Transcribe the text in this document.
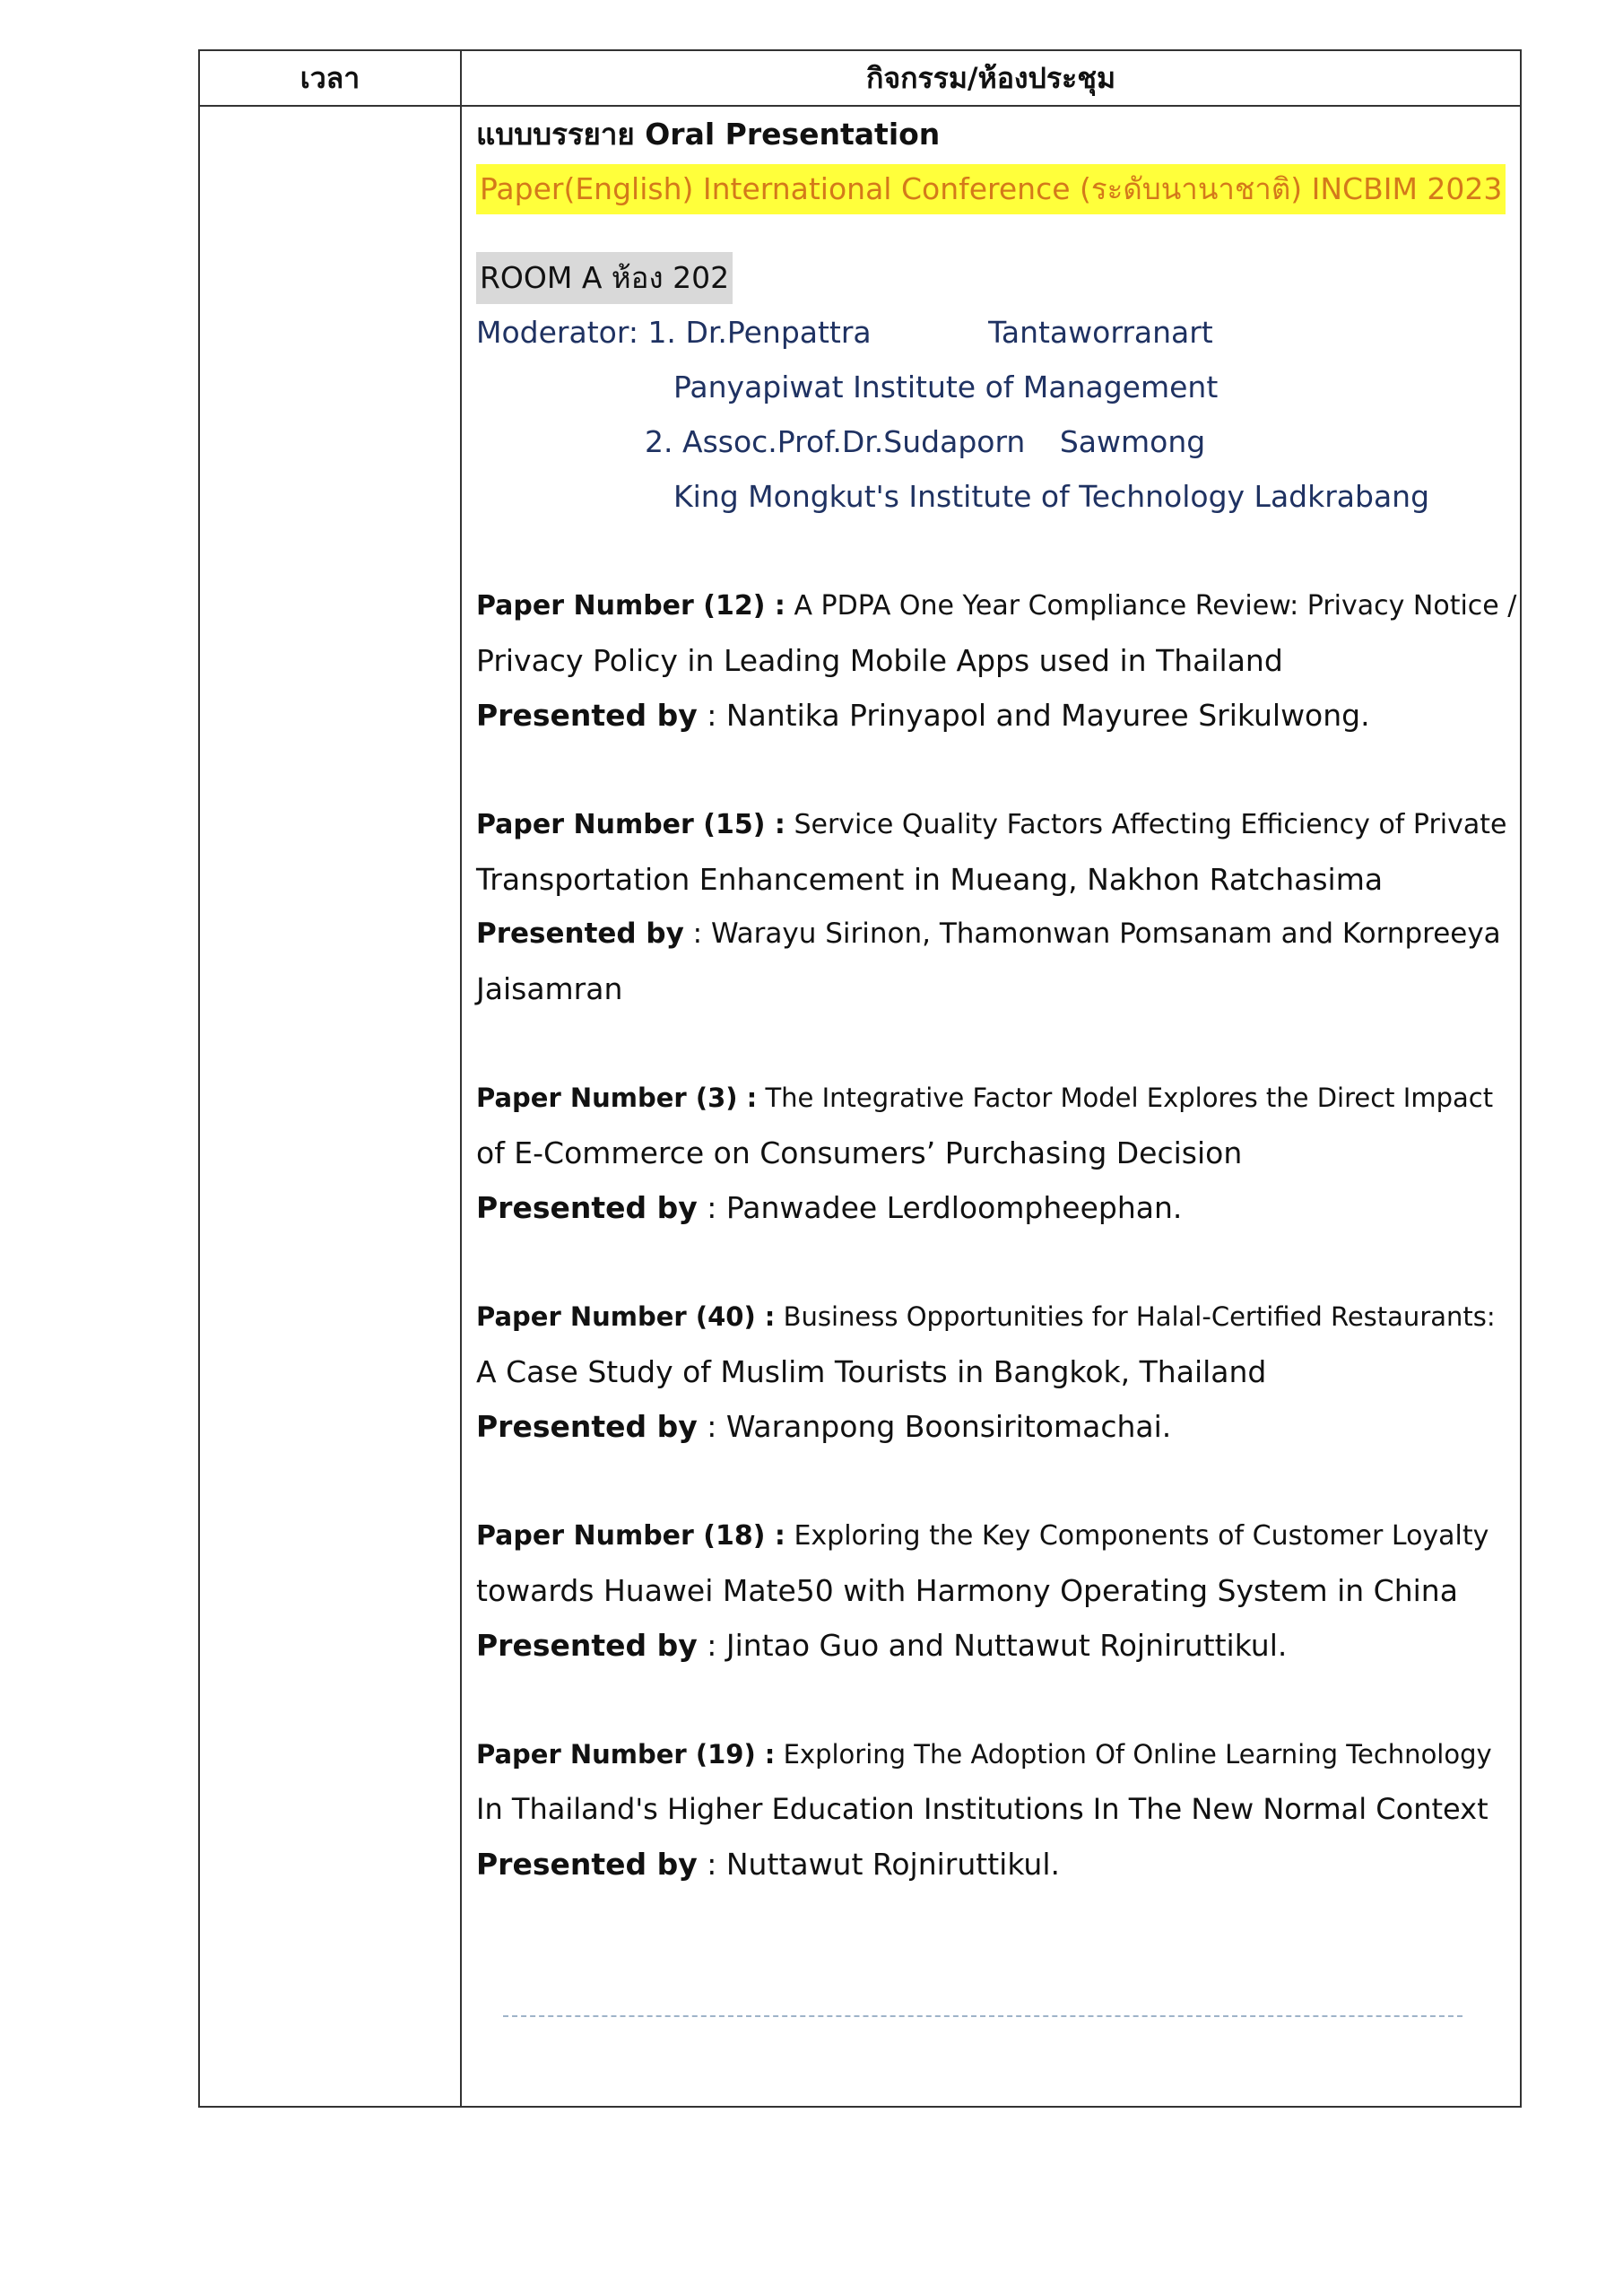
เวลา	กิจกรรม/ห้องประชุม
แบบบรรยาย Oral Presentation
Paper(English) International Conference (ระดับนานาชาติ) INCBIM 2023
ROOM A ห้อง 202
Moderator: 1. Dr.Penpattra	Tantaworranart
Panyapiwat Institute of Management
2. Assoc.Prof.Dr.Sudaporn Sawmong
King Mongkut's Institute of Technology Ladkrabang
Paper Number (12) : A PDPA One Year Compliance Review: Privacy Notice /
Privacy Policy in Leading Mobile Apps used in Thailand
Presented by : Nantika Prinyapol and Mayuree Srikulwong.
Paper Number (15) : Service Quality Factors Affecting Efficiency of Private
Transportation Enhancement in Mueang, Nakhon Ratchasima
Presented by : Warayu Sirinon, Thamonwan Pomsanam and Kornpreeya
Jaisamran
Paper Number (3) : The Integrative Factor Model Explores the Direct Impact
of E-Commerce on Consumers’ Purchasing Decision
Presented by : Panwadee Lerdloompheephan.
Paper Number (40) : Business Opportunities for Halal-Certified Restaurants:
A Case Study of Muslim Tourists in Bangkok, Thailand
Presented by : Waranpong Boonsiritomachai.
Paper Number (18) : Exploring the Key Components of Customer Loyalty
towards Huawei Mate50 with Harmony Operating System in China
Presented by : Jintao Guo and Nuttawut Rojniruttikul.
Paper Number (19) : Exploring The Adoption Of Online Learning Technology
In Thailand's Higher Education Institutions In The New Normal Context
Presented by : Nuttawut Rojniruttikul.
